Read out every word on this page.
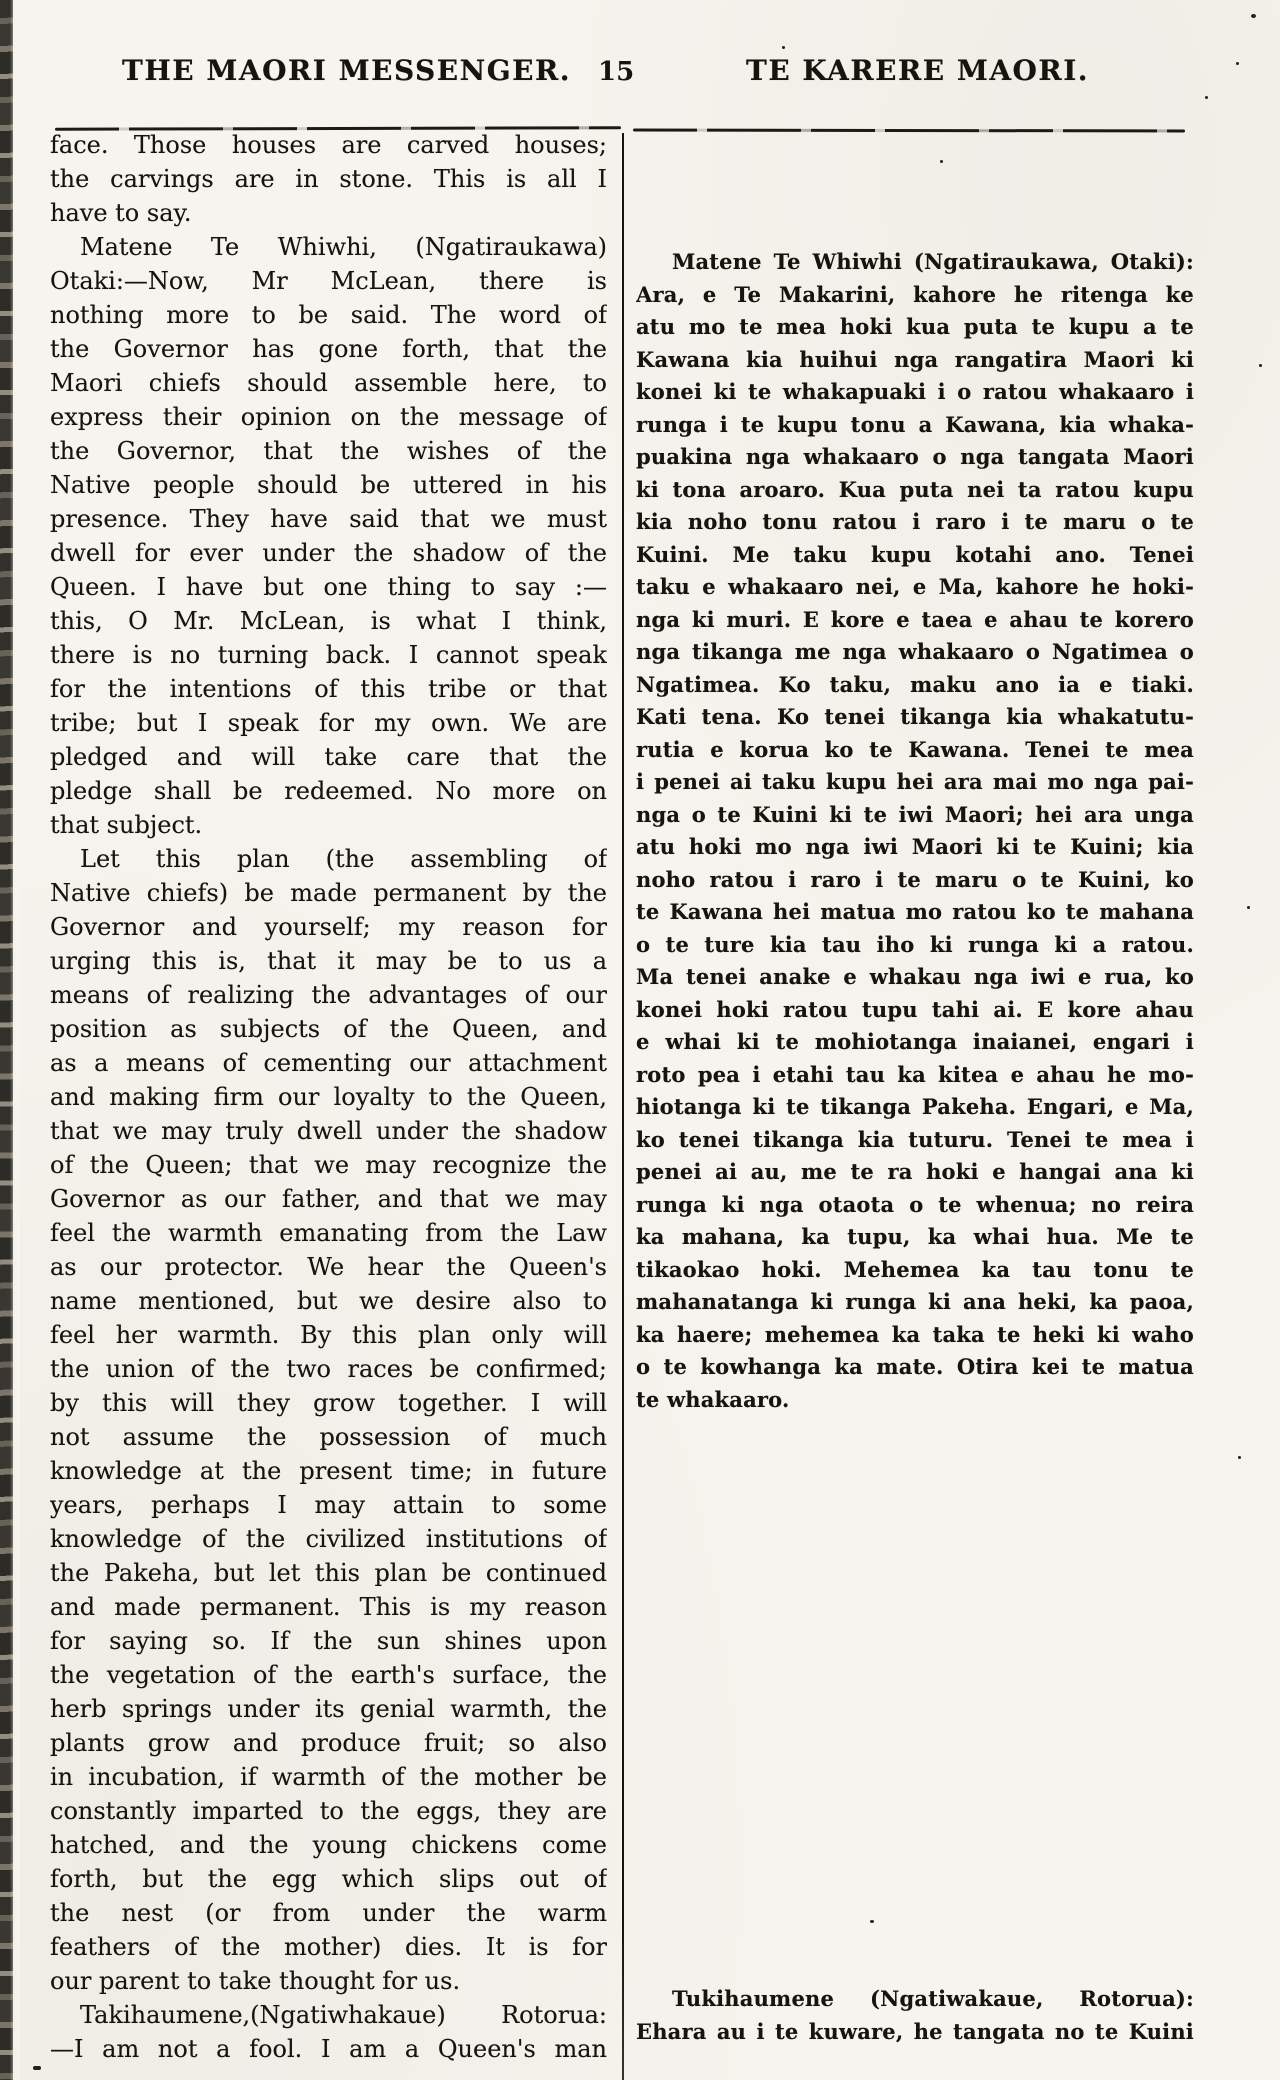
THE MAORI MESSENGER. 15	TE KARERE MAORI.
face. Those houses are carved houses;
the carvings are in stone. This is all I
have to say.
Matene Te Whiwhi, (Ngatiraukawa)
Otaki:—Now, Mr McLean, there is
nothing more to be said. The word of
the Governor has gone forth, that the
Maori chiefs should assemble here, to
express their opinion on the message of
the Governor, that the wishes of the
Native people should be uttered in his
presence. They have said that we must
dwell for ever under the shadow of the
Queen. I have but one thing to say :—
this, O Mr. McLean, is what I think,
there is no turning back. I cannot speak
for the intentions of this tribe or that
tribe; but I speak for my own. We are
pledged and will take care that the
pledge shall be redeemed. No more on
that subject.
Let this plan (the assembling of
Native chiefs) be made permanent by the
Governor and yourself; my reason for
urging this is, that it may be to us a
means of realizing the advantages of our
position as subjects of the Queen, and
as a means of cementing our attachment
and making firm our loyalty to the Queen,
that we may truly dwell under the shadow
of the Queen; that we may recognize the
Governor as our father, and that we may
feel the warmth emanating from the Law
as our protector. We hear the Queen's
name mentioned, but we desire also to
feel her warmth. By this plan only will
the union of the two races be confirmed;
by this will they grow together. I will
not assume the possession of much
knowledge at the present time; in future
years, perhaps I may attain to some
knowledge of the civilized institutions of
the Pakeha, but let this plan be continued
and made permanent. This is my reason
for saying so. If the sun shines upon
the vegetation of the earth's surface, the
herb springs under its genial warmth, the
plants grow and produce fruit; so also
in incubation, if warmth of the mother be
constantly imparted to the eggs, they are
hatched, and the young chickens come
forth, but the egg which slips out of
the nest (or from under the warm
feathers of the mother) dies. It is for
our parent to take thought for us.
Takihaumene,(Ngatiwhakaue) Rotorua:
—I am not a fool. I am a Queen's man
Matene Te Whiwhi (Ngatiraukawa, Otaki):
Ara, e Te Makarini, kahore he ritenga ke
atu mo te mea hoki kua puta te kupu a te
Kawana kia huihui nga rangatira Maori ki
konei ki te whakapuaki i o ratou whakaaro i
runga i te kupu tonu a Kawana, kia whaka-
puakina nga whakaaro o nga tangata Maori
ki tona aroaro. Kua puta nei ta ratou kupu
kia noho tonu ratou i raro i te maru o te
Kuini. Me taku kupu kotahi ano. Tenei
taku e whakaaro nei, e Ma, kahore he hoki-
nga ki muri. E kore e taea e ahau te korero
nga tikanga me nga whakaaro o Ngatimea o
Ngatimea. Ko taku, maku ano ia e tiaki.
Kati tena. Ko tenei tikanga kia whakatutu-
rutia e korua ko te Kawana. Tenei te mea
i penei ai taku kupu hei ara mai mo nga pai-
nga o te Kuini ki te iwi Maori; hei ara unga
atu hoki mo nga iwi Maori ki te Kuini; kia
noho ratou i raro i te maru o te Kuini, ko
te Kawana hei matua mo ratou ko te mahana
o te ture kia tau iho ki runga ki a ratou.
Ma tenei anake e whakau nga iwi e rua, ko
konei hoki ratou tupu tahi ai. E kore ahau
e whai ki te mohiotanga inaianei, engari i
roto pea i etahi tau ka kitea e ahau he mo-
hiotanga ki te tikanga Pakeha. Engari, e Ma,
ko tenei tikanga kia tuturu. Tenei te mea i
penei ai au, me te ra hoki e hangai ana ki
runga ki nga otaota o te whenua; no reira
ka mahana, ka tupu, ka whai hua. Me te
tikaokao hoki. Mehemea ka tau tonu te
mahanatanga ki runga ki ana heki, ka paoa,
ka haere; mehemea ka taka te heki ki waho
o te kowhanga ka mate. Otira kei te matua
te whakaaro.
Tukihaumene (Ngatiwakaue, Rotorua):
Ehara au i te kuware, he tangata no te Kuini
